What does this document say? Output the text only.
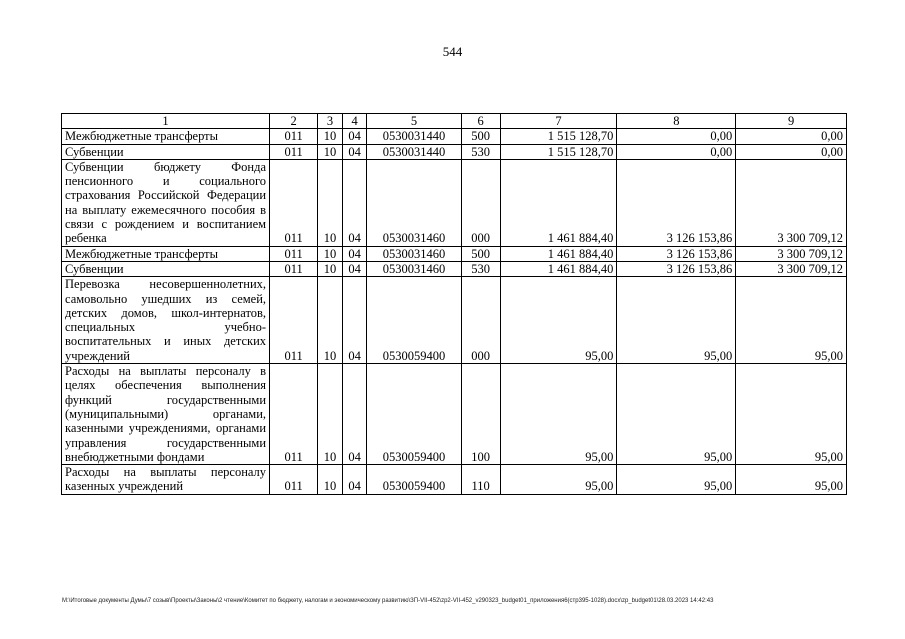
544
1	2	3	4	5	6	7	8	9
Межбюджетные трансферты	011	10	04	0530031440	500	1 515 128,70	0,00	0,00
Субвенции	011	10	04	0530031440	530	1 515 128,70	0,00	0,00
Субвенции бюджету Фонда пенсионного и социального страхования Российской Федерации на выплату ежемесячного пособия в связи с рождением и воспитанием ребенка	011	10	04	0530031460	000	1 461 884,40	3 126 153,86	3 300 709,12
Межбюджетные трансферты	011	10	04	0530031460	500	1 461 884,40	3 126 153,86	3 300 709,12
Субвенции	011	10	04	0530031460	530	1 461 884,40	3 126 153,86	3 300 709,12
Перевозка несовершеннолетних, самовольно ушедших из семей, детских домов, школ-интернатов, специальных учебно-воспитательных и иных детских учреждений	011	10	04	0530059400	000	95,00	95,00	95,00
Расходы на выплаты персоналу в целях обеспечения выполнения функций государственными (муниципальными) органами, казенными учреждениями, органами управления государственными внебюджетными фондами	011	10	04	0530059400	100	95,00	95,00	95,00
Расходы на выплаты персоналу казенных учреждений	011	10	04	0530059400	110	95,00	95,00	95,00
M:\Итоговые документы Думы\7 созыв\Проекты\Законы\2 чтение\Комитет по бюджету, налогам и экономическому развитию\ЗП-VII-452\zp2-VII-452_v290323_budget01_приложения6(стр395-1028).docx\zp_budget01\28.03.2023 14:42:43
